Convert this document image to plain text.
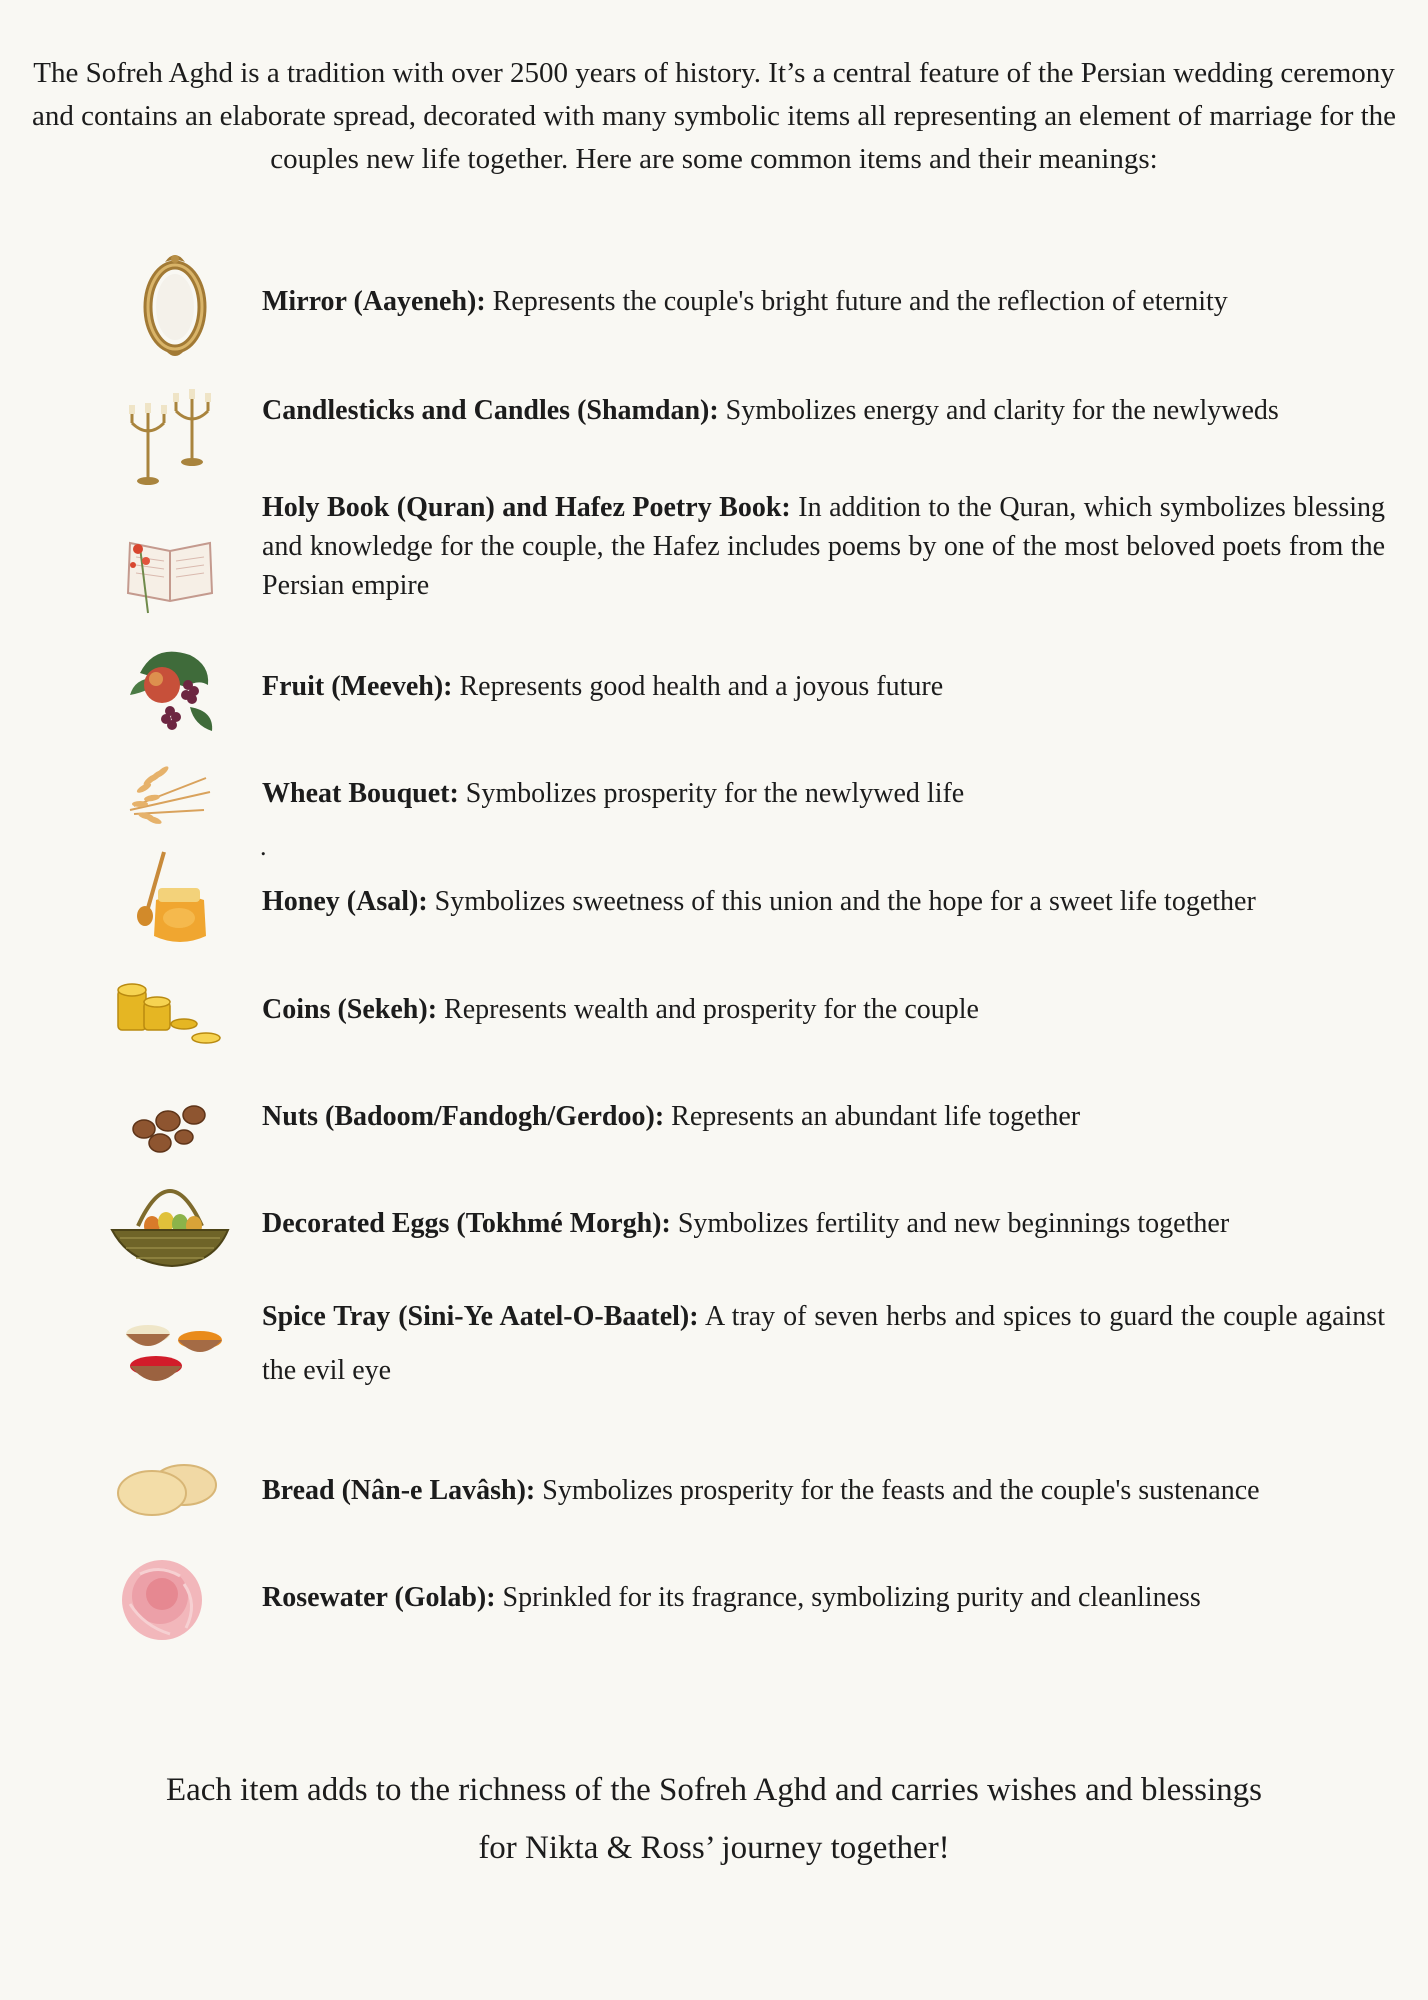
The Sofreh Aghd is a tradition with over 2500 years of history. It’s a central feature of the Persian wedding ceremony and contains an elaborate spread, decorated with many symbolic items all representing an element of marriage for the couples new life together. Here are some common items and their meanings:

Mirror (Aayeneh): Represents the couple's bright future and the reflection of eternity

Candlesticks and Candles (Shamdan): Symbolizes energy and clarity for the newlyweds

Holy Book (Quran) and Hafez Poetry Book: In addition to the Quran, which symbolizes blessing and knowledge for the couple, the Hafez includes poems by one of the most beloved poets from the Persian empire

Fruit (Meeveh): Represents good health and a joyous future

Wheat Bouquet: Symbolizes prosperity for the newlywed life

.

Honey (Asal): Symbolizes sweetness of this union and the hope for a sweet life together

Coins (Sekeh): Represents wealth and prosperity for the couple

Nuts (Badoom/Fandogh/Gerdoo): Represents an abundant life together

Decorated Eggs (Tokhmé Morgh): Symbolizes fertility and new beginnings together

Spice Tray (Sini-Ye Aatel-O-Baatel): A tray of seven herbs and spices to guard the couple against the evil eye

Bread (Nân-e Lavâsh): Symbolizes prosperity for the feasts and the couple's sustenance

Rosewater (Golab): Sprinkled for its fragrance, symbolizing purity and cleanliness

Each item adds to the richness of the Sofreh Aghd and carries wishes and blessings

for Nikta & Ross’ journey together!
